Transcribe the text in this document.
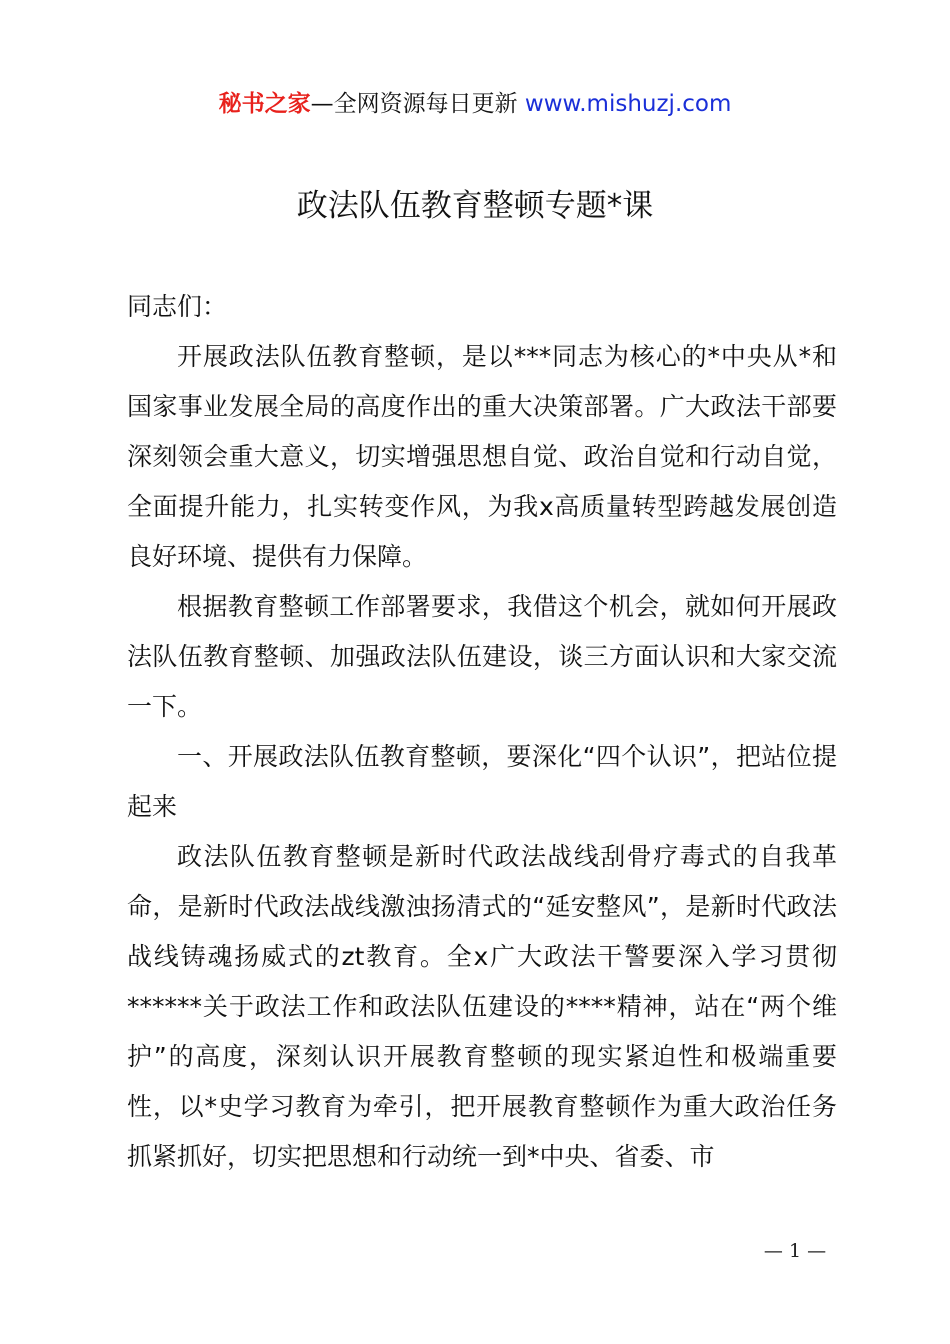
秘书之家—全网资源每日更新 www.mishuzj.com
政法队伍教育整顿专题*课

同志们：

开展政法队伍教育整顿，是以***同志为核心的*中央从*和国家事业发展全局的高度作出的重大决策部署。广大政法干部要深刻领会重大意义，切实增强思想自觉、政治自觉和行动自觉，全面提升能力，扎实转变作风，为我x高质量转型跨越发展创造良好环境、提供有力保障。

根据教育整顿工作部署要求，我借这个机会，就如何开展政法队伍教育整顿、加强政法队伍建设，谈三方面认识和大家交流一下。

一、开展政法队伍教育整顿，要深化“四个认识”，把站位提起来

政法队伍教育整顿是新时代政法战线刮骨疗毒式的自我革命，是新时代政法战线激浊扬清式的“延安整风”，是新时代政法战线铸魂扬威式的zt教育。全x广大政法干警要深入学习贯彻******关于政法工作和政法队伍建设的****精神，站在“两个维护”的高度，深刻认识开展教育整顿的现实紧迫性和极端重要性，以*史学习教育为牵引，把开展教育整顿作为重大政治任务抓紧抓好，切实把思想和行动统一到*中央、省委、市

— 1 —
